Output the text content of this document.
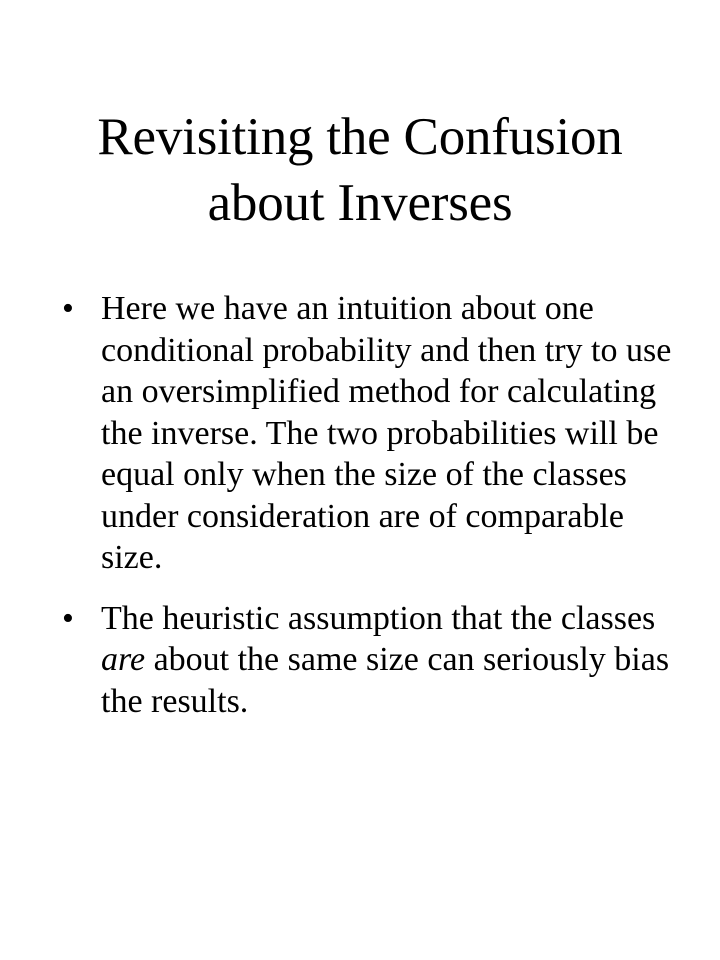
Revisiting the Confusion
about Inverses
• Here we have an intuition about one conditional probability and then try to use an oversimplified method for calculating the inverse. The two probabilities will be equal only when the size of the classes under consideration are of comparable size.
• The heuristic assumption that the classes are about the same size can seriously bias the results.
